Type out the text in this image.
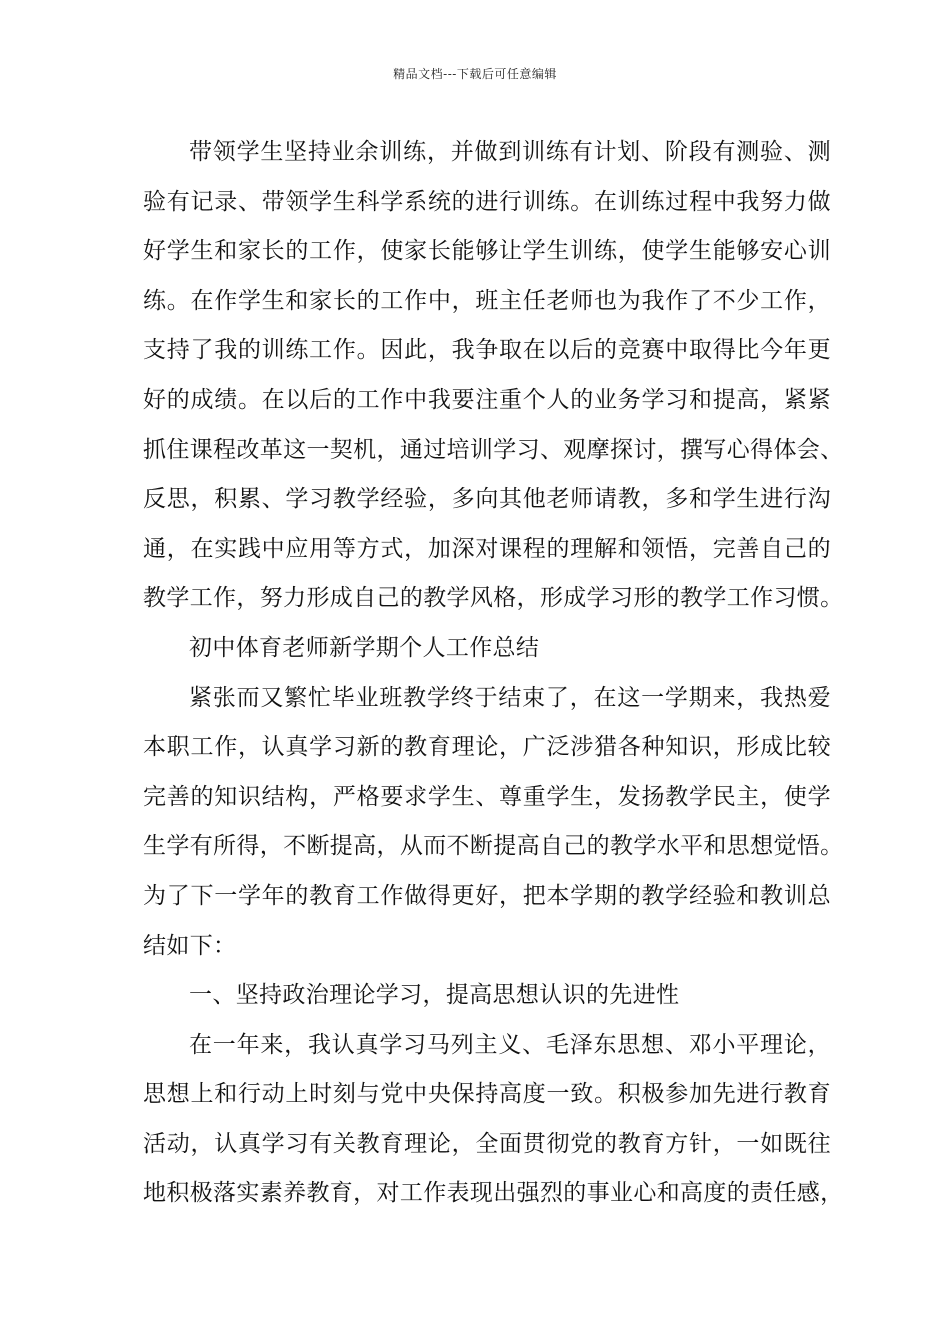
精品文档---下载后可任意编辑
带领学生坚持业余训练，并做到训练有计划、阶段有测验、测
验有记录、带领学生科学系统的进行训练。在训练过程中我努力做
好学生和家长的工作，使家长能够让学生训练，使学生能够安心训
练。在作学生和家长的工作中，班主任老师也为我作了不少工作，
支持了我的训练工作。因此，我争取在以后的竞赛中取得比今年更
好的成绩。在以后的工作中我要注重个人的业务学习和提高，紧紧
抓住课程改革这一契机，通过培训学习、观摩探讨，撰写心得体会、
反思，积累、学习教学经验，多向其他老师请教，多和学生进行沟
通，在实践中应用等方式，加深对课程的理解和领悟，完善自己的
教学工作，努力形成自己的教学风格，形成学习形的教学工作习惯。
初中体育老师新学期个人工作总结
紧张而又繁忙毕业班教学终于结束了，在这一学期来，我热爱
本职工作，认真学习新的教育理论，广泛涉猎各种知识，形成比较
完善的知识结构，严格要求学生、尊重学生，发扬教学民主，使学
生学有所得，不断提高，从而不断提高自己的教学水平和思想觉悟。
为了下一学年的教育工作做得更好，把本学期的教学经验和教训总
结如下：
一、坚持政治理论学习，提高思想认识的先进性
在一年来，我认真学习马列主义、毛泽东思想、邓小平理论，
思想上和行动上时刻与党中央保持高度一致。积极参加先进行教育
活动，认真学习有关教育理论，全面贯彻党的教育方针，一如既往
地积极落实素养教育，对工作表现出强烈的事业心和高度的责任感，
